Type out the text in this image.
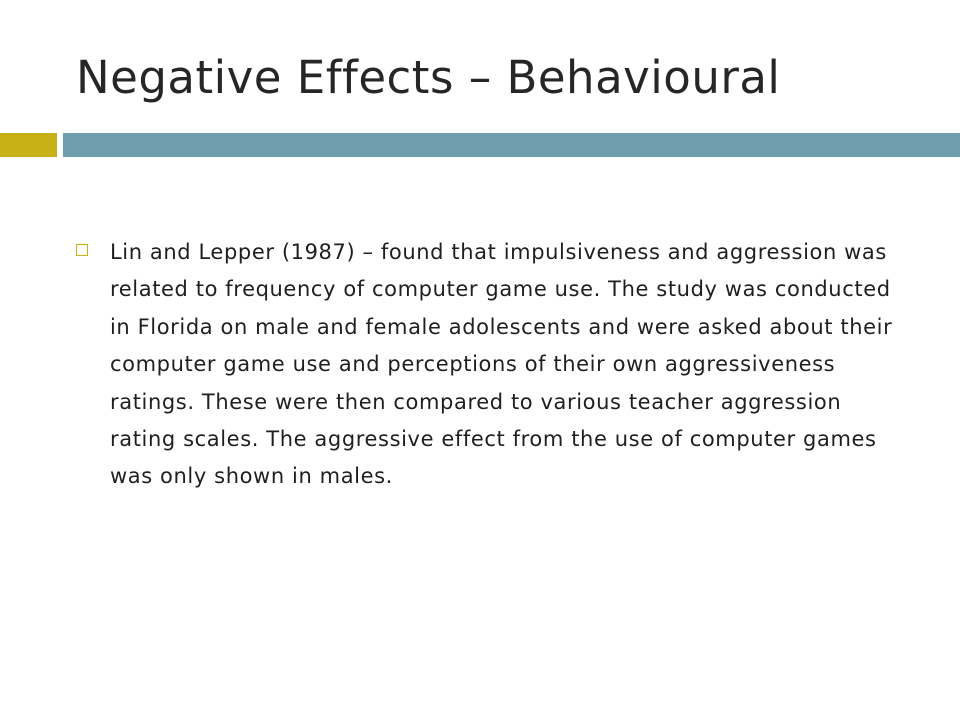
Negative Effects – Behavioural

Lin and Lepper (1987) – found that impulsiveness and aggression was related to frequency of computer game use. The study was conducted in Florida on male and female adolescents and were asked about their computer game use and perceptions of their own aggressiveness ratings. These were then compared to various teacher aggression rating scales. The aggressive effect from the use of computer games was only shown in males.
